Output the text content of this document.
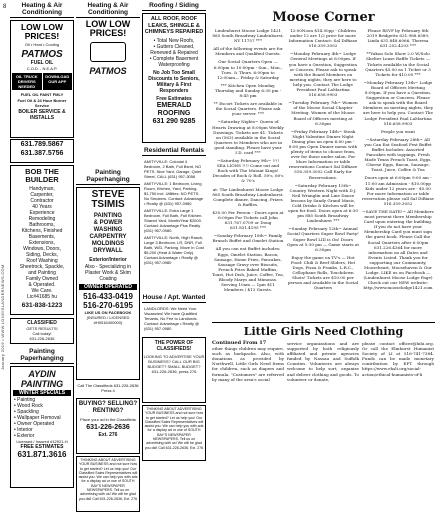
8
January 2019 • WWW.LONGISLANDERNEWS.COM
Heating & Air Conditioning
LOW LOW PRICES!
Oil • Heat • Cooling
PATMOS
FUEL OIL
C.O.D. - N.E.A.P.
OIL TRUCK DRIVERS NEEDED
DOWNLOAD OUR APP
FUEL OIL PAINT FMLY
Fuel Oil & 24 Hour Burner Service
BOILER SERVICE & INSTALLS
631.789.5867
631.387.5756
BOB THE BUILDER
Handyman,
Carpenter,
Contractor
40 Years
Experience
Remodeling
Bathrooms,
Kitchens, Finished
Basements,
Extensions,
Windows, Doors,
Siding, Decks,
Roof Washing
Sheetrock, Spackle,
and Painting
Family Owned
& Operated.
We Care.
Lic#41685 hu
631-838-1223
CLASSIFIED
GETS RESULTS!
Call today!
631-226-2636
Painting Paperhanging
AYDIN PAINTING
WINTER SPECIALS
• Painting
• Wood Rock
• Spackling
• Wallpaper Removal
• Owner Operated
• Interior
• Exterior
Licensed / Insured #12921-H
FREE ESTIMATES
631.871.3616
Heating & Air Conditioning
LOW LOW PRICES!
PATMOS
Painting Paperhanging
STEVE TSIMIS
PAINTING
& POWER
WASHING
CARPENTRY
MOLDINGS
DRYWALL
Exterior/Interior
Also - Specializing in Plaster Work & Skim Coating
OWNER OPERATED
516-433-0419
516-270-6195
LIKE US ON FACEBOOK
(INSURED / LICENSED #H0016400000)
Call The Classifieds 631-226-2636 Press 4
BUYING? SELLING? RENTING?
Place your ad in the Classifieds
631-226-2636
Ext. 276
THINKING ABOUT ADVERTISING YOUR BUSINESS and not sure how to get started? Let us help you! Our Classified Sales Representatives will assist you. We can help you with ads for a display ad or use of SOUTH BAY'S NEWSPAPER NEWSPAPERS. Tell us on advertising with us! We will be glad you did! Call 631-226-2636, Ext. 276
Roofing / Siding
ALL ROOF, ROOF LEAKS, SHINGLE & CHIMNEYS REPAIRED
• Total New Roofs,
• Gutters Cleaned, Renewed & Repaired
• Complete Basement Waterproofing
No Job Too Small Discounts to Seniors, Military & First Responders
Free Estimates
EMERALD ROOFING
631 290 9285
Residential Rentals
AMITYVILLE: Colonial 4 Bedroom, 2 Bath, Full Bsmt, NO PETS, Nice Yard, Garage, Quiet Street, CALL (631) 957-3056
AMITYVILLE: 1 Bedroom, Living Room, Kitchen, Yard, Parking. $1,750 incl. Utilities. NO PETS. No Smokers. Contact: Advantage • Realty @ (631) 957-0980
AMITYVILLE: Extra Large 1 Bedroom, Full Bath, Full Kitchen. Shared Yard. Month/Year $2000. Contact: Advantage Plus Realty (631) 957-0980.
AMITYVILLE: North, High Ranch, Large 3 Bedroom, LR, DNR, Full Bath, W/D, Parking. Move In Cost $5,200 (Heat & Water Only). Contact Advantage • Realty @ (631) 957-0980
House / Apt. Wanted
LANDLORDS: We Need Your Vacancies! We have Qualified Tenants, No Fee to Landlords. Contact: Advantage • Realty @ (631) 957-0980
THE POWER OF CLASSIFIEDS!
LOOKING TO ADVERTISE YOUR BUSINESS? CALL OUR BIG BUDGET? SMALL BUDGET? 631-226-2636, press 276
THINKING ABOUT ADVERTISING YOUR BUSINESS and not sure how to get started? Let us help you! Our Classified Sales Representatives will assist you. We can help you with ads for a display ad or use of SOUTH BAY'S NEWSPAPER NEWSPAPERS. Tell us on advertising with us! We will be glad you did! Call 631-226-2636, Ext. 276
Moose Corner

Lindenhurst Moose Lodge 1421 885 South Broadway Lindenhurst, NY 11757 ***

All of the following events are for Members and Qualified Guests.

Our Social Quarters Open — 6:00pm to 10:00pm - Sun., Mon., Tues. & Thurs. 6:00pm to 12:00am— Friday & Saturday

*** Kitchen Open Monday, Thursday and Sunday 6:30 pm - 8:45 pm

** Escort Tickets are available in the Social Quarters. Please ask your server. ***

~Saturday Nights~ Queen of Hearts Drawing at 8:00pm Weekly Drawings. Tickets are $1. Tickets on (563) available in the Social Quarters to Members who are in good standing. Please have your I.D. card ***

~Saturday February 9th~ !!!! SEA LIONS !!!! Come out and Rock with The Mutant Kings! Decades of Rock & Roll. 50's, 60's & 70's

at: The Lindenhurst Moose Lodge 885 South Broadway Lindenhurst. Complete dinner, Dancing, Prizes & Raffles.

$35.00 Per Person - Doors open at 6:00pm For Tickets call John 631.767.0709 or Doug 631.831.4195 ***

~Sunday February 10th~ Family Brunch Buffet and Omelet Station

All you can eat Buffet includes: Eggs, Omelet Station, Bacon, Sausage, Home Fries, Pancakes, Sausage Gravy over Biscuits, French Fries Baked Muffins, Toast, Hot Dish, Juice, Coffee, Tea, Bloody Marys and Mimosas. Serving 10am — 1pm $11 Members / $13 Guests.

12:00Noon $14.00pp - Children under 12 are 1/2 price for more Information Contact: Sal DiBiase 516.359.3052

~Monday February 4th~ Lodge General Meetings at 8:00pm. If you have a Question, Suggestion or Concern, Please ask to speak with the Board Members on meeting nights, they are here to help you. Contact The Lodge President Paul LaMartina 516.658.9903

~Tuesday February 7th~ Women of the Moose Social Chapter Meeting. Women of the Moose Board of Officers meeting at 6:30pm

~Friday February 14th~ Steak Night Valentine Dinner Night Dining plus an open 6:00 pm - 8:00 pm Open Dinner menu with plenty of items to choose from, over for those under salon. For More Information or table reservations Contact Sal DiBiase 516.359.3052 Call Early for Reservations.

~Saturday February 15th~ Country Western Night with D.J. Neil Wranglin and Line Dance lessons by Sandy Grand Music, Cold Drinks & Kitchen will be open for food. Doors open at 6:30 pm 885 South Broadway Lindenhurst ***

~Sunday February 12th~ Annual Social Quarters Super Bowl Party! Super Bowl LIII is On! Doors Open at 5:30 pm — Game starts at 6:30pm

Enjoy the game on TV's — Hot Food: Chili & Beef Sliders, Hot Dogs, Pizza & Franks, L.R.C., Cellophane Rolls, Touchdown Shots! Tickets are $10.00 per person and available in the Social Quarters

Please RSVP by February 8th 2019 Bridgette 631.988.6589, Linda 631.848.6066, Theresa 631.252.4203 ***

**Yukon Solo Show 2.0 W/Solo Shelter Lease Raffle Tickets — Tickets available in the Social Quarters $5.00 ea 1 Ticket or 3 Tickets for $10.00 ***

~Monday February 13th~ Lodge Board of Officers Meeting 8:00pm. If you have a Question, Suggestion or Concern, Please ask to speak with the Board Members on meeting nights, they are here to help you. Contact The Lodge President Paul LaMartina 516.658.9903

People you want

~Saturday February 28th~ All you Can Eat Seafood Fest Buffet Buffet Includes: Assorted Pancakes with toppings, Fresh Made Texas French Toast, Eggs, Cheese Eggs, Bacon, Sausage, Toast, Juice, Coffee & Tea

Doors open at 6:00pm 9:00 am - 11:00 am Admission - $10.00pp Kids under 12 years are - $5.00 For more Information or table reservation please call Sal DiBiase 516.359.3052

~SAVE THE DATE!~ All Members must present there Membership Card upon entering the building. If you do not have your Membership Card you must sign the guest book. Please Call the Social Quarters after 6:00pm 631.226.4364 for more information on all Dates and Events Listed. Thank you for supporting our Community, Mooseheart, Moosehaven & Our Lodge. LIKE us on Facebook — (Lindenhurst Moose Lodge Page) Check out our NEW website: http://www.mooselodge1421.com

Little Girls Need Clothing
Continued From 17
other things children may require, such as backpacks. Also, with donations as provided by Northwell, Little Girls Need Items for children, such as diapers and formula. "Customers" are referred by many of the area's social
service organizations and are supported by both religiously affiliated and private agencies funded by Nassau and Suffolk Counties. Volunteers are always welcome to help sort, organize and deliver clothing and goods. To volunteer or donate,
please contact officer@lnhi.org. Or call the Elmhurst Humanist Society of LI at 516-741-7384. Funds can be made monetary contribution by EFT through https://www.ehsli.org/social-action/ethical-humanists-of-li
